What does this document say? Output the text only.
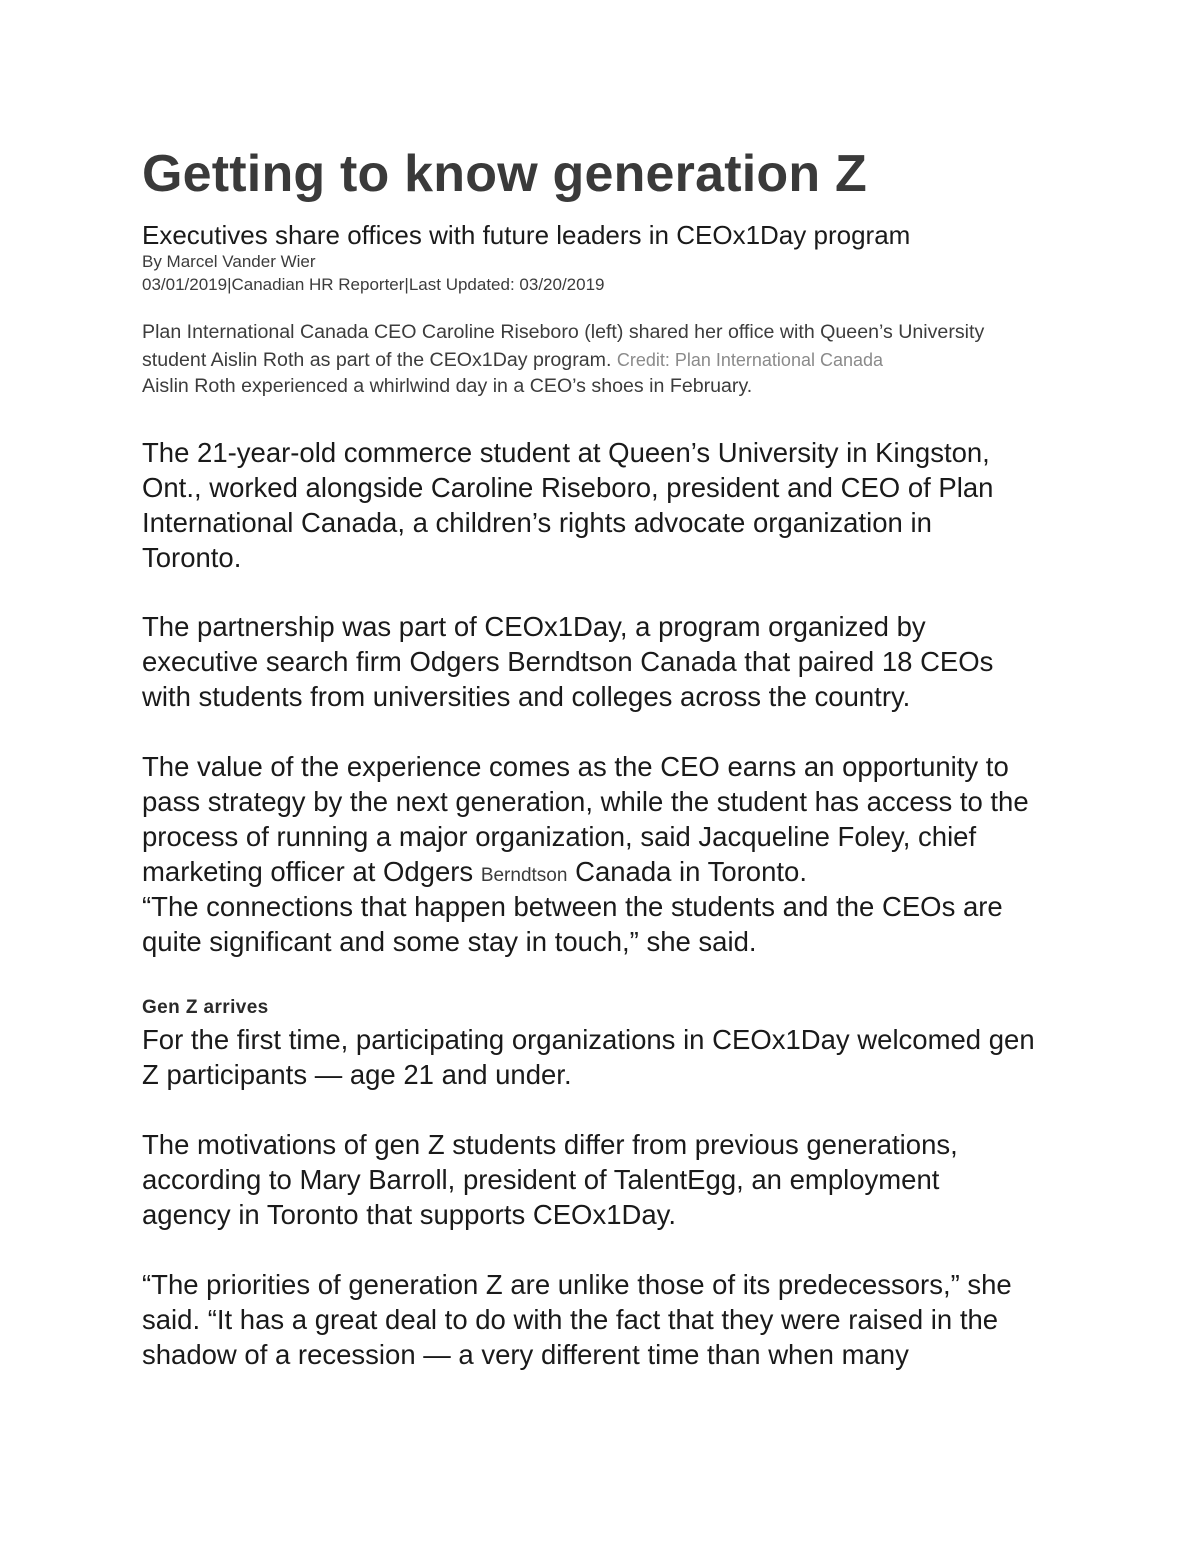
Getting to know generation Z
Executives share offices with future leaders in CEOx1Day program
By Marcel Vander Wier
03/01/2019|Canadian HR Reporter|Last Updated: 03/20/2019
Plan International Canada CEO Caroline Riseboro (left) shared her office with Queen’s University
student Aislin Roth as part of the CEOx1Day program. Credit: Plan International Canada
Aislin Roth experienced a whirlwind day in a CEO’s shoes in February.
The 21-year-old commerce student at Queen’s University in Kingston,
Ont., worked alongside Caroline Riseboro, president and CEO of Plan
International Canada, a children’s rights advocate organization in
Toronto.
The partnership was part of CEOx1Day, a program organized by
executive search firm Odgers Berndtson Canada that paired 18 CEOs
with students from universities and colleges across the country.
The value of the experience comes as the CEO earns an opportunity to
pass strategy by the next generation, while the student has access to the
process of running a major organization, said Jacqueline Foley, chief
marketing officer at Odgers Berndtson Canada in Toronto.
“The connections that happen between the students and the CEOs are
quite significant and some stay in touch,” she said.
Gen Z arrives
For the first time, participating organizations in CEOx1Day welcomed gen
Z participants — age 21 and under.
The motivations of gen Z students differ from previous generations,
according to Mary Barroll, president of TalentEgg, an employment
agency in Toronto that supports CEOx1Day.
“The priorities of generation Z are unlike those of its predecessors,” she
said. “It has a great deal to do with the fact that they were raised in the
shadow of a recession — a very different time than when many
